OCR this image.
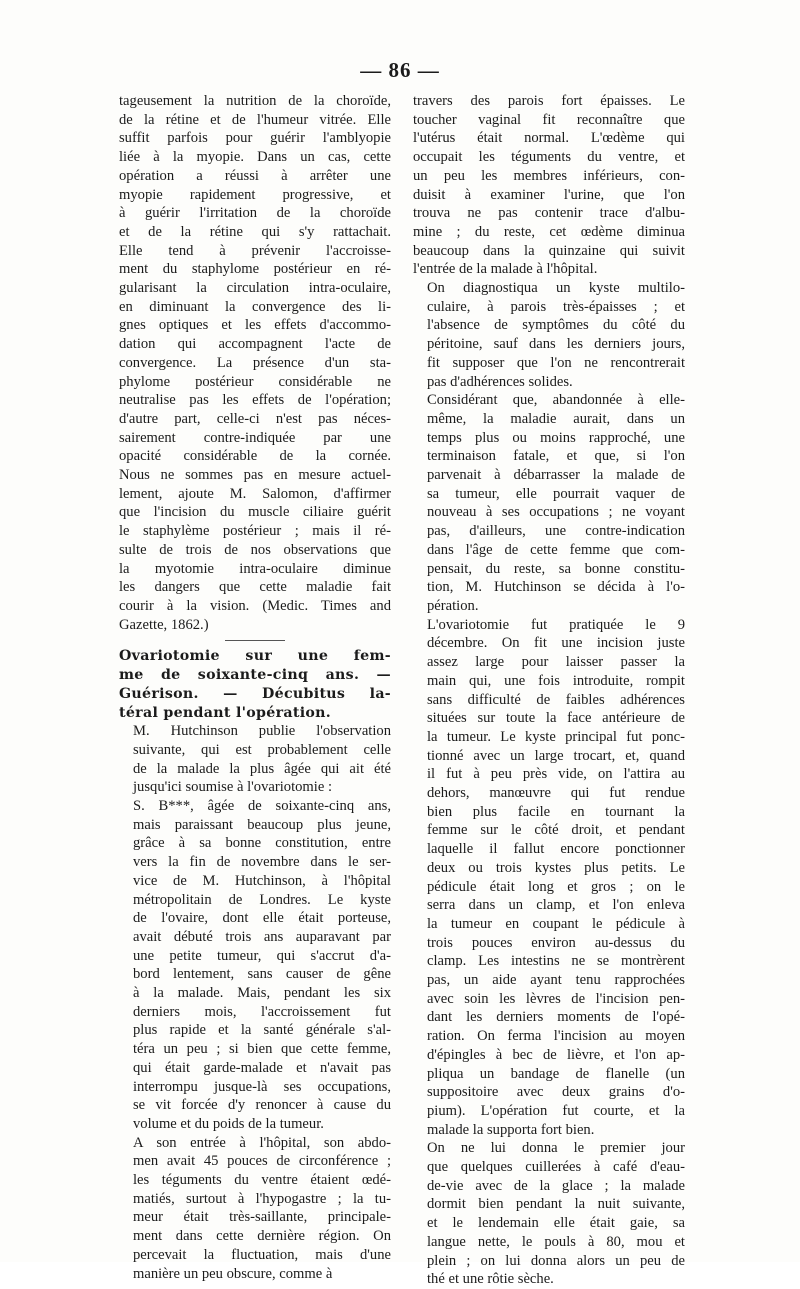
— 86 —

tageusement la nutrition de la choroïde,
de la rétine et de l'humeur vitrée. Elle
suffit parfois pour guérir l'amblyopie
liée à la myopie. Dans un cas, cette
opération a réussi à arrêter une
myopie rapidement progressive, et
à guérir l'irritation de la choroïde
et de la rétine qui s'y rattachait.
Elle tend à prévenir l'accroisse-
ment du staphylome postérieur en ré-
gularisant la circulation intra-oculaire,
en diminuant la convergence des li-
gnes optiques et les effets d'accommo-
dation qui accompagnent l'acte de
convergence. La présence d'un sta-
phylome postérieur considérable ne
neutralise pas les effets de l'opération;
d'autre part, celle-ci n'est pas néces-
sairement contre-indiquée par une
opacité considérable de la cornée.
Nous ne sommes pas en mesure actuel-
lement, ajoute M. Salomon, d'affirmer
que l'incision du muscle ciliaire guérit
le staphylème postérieur ; mais il ré-
sulte de trois de nos observations que
la myotomie intra-oculaire diminue
les dangers que cette maladie fait
courir à la vision. (Medic. Times and
Gazette, 1862.)

Ovariotomie sur une fem-
me de soixante-cinq ans. —
Guérison. — Décubitus la-
téral pendant l'opération.

M. Hutchinson publie l'observation
suivante, qui est probablement celle
de la malade la plus âgée qui ait été
jusqu'ici soumise à l'ovariotomie :

S. B***, âgée de soixante-cinq ans,
mais paraissant beaucoup plus jeune,
grâce à sa bonne constitution, entre
vers la fin de novembre dans le ser-
vice de M. Hutchinson, à l'hôpital
métropolitain de Londres. Le kyste
de l'ovaire, dont elle était porteuse,
avait débuté trois ans auparavant par
une petite tumeur, qui s'accrut d'a-
bord lentement, sans causer de gêne
à la malade. Mais, pendant les six
derniers mois, l'accroissement fut
plus rapide et la santé générale s'al-
téra un peu ; si bien que cette femme,
qui était garde-malade et n'avait pas
interrompu jusque-là ses occupations,
se vit forcée d'y renoncer à cause du
volume et du poids de la tumeur.

A son entrée à l'hôpital, son abdo-
men avait 45 pouces de circonférence ;
les téguments du ventre étaient œdé-
matiés, surtout à l'hypogastre ; la tu-
meur était très-saillante, principale-
ment dans cette dernière région. On
percevait la fluctuation, mais d'une
manière un peu obscure, comme à

travers des parois fort épaisses. Le
toucher vaginal fit reconnaître que
l'utérus était normal. L'œdème qui
occupait les téguments du ventre, et
un peu les membres inférieurs, con-
duisit à examiner l'urine, que l'on
trouva ne pas contenir trace d'albu-
mine ; du reste, cet œdème diminua
beaucoup dans la quinzaine qui suivit
l'entrée de la malade à l'hôpital.

On diagnostiqua un kyste multilo-
culaire, à parois très-épaisses ; et
l'absence de symptômes du côté du
péritoine, sauf dans les derniers jours,
fit supposer que l'on ne rencontrerait
pas d'adhérences solides.

Considérant que, abandonnée à elle-
même, la maladie aurait, dans un
temps plus ou moins rapproché, une
terminaison fatale, et que, si l'on
parvenait à débarrasser la malade de
sa tumeur, elle pourrait vaquer de
nouveau à ses occupations ; ne voyant
pas, d'ailleurs, une contre-indication
dans l'âge de cette femme que com-
pensait, du reste, sa bonne constitu-
tion, M. Hutchinson se décida à l'o-
pération.

L'ovariotomie fut pratiquée le 9
décembre. On fit une incision juste
assez large pour laisser passer la
main qui, une fois introduite, rompit
sans difficulté de faibles adhérences
situées sur toute la face antérieure de
la tumeur. Le kyste principal fut ponc-
tionné avec un large trocart, et, quand
il fut à peu près vide, on l'attira au
dehors, manœuvre qui fut rendue
bien plus facile en tournant la
femme sur le côté droit, et pendant
laquelle il fallut encore ponctionner
deux ou trois kystes plus petits. Le
pédicule était long et gros ; on le
serra dans un clamp, et l'on enleva
la tumeur en coupant le pédicule à
trois pouces environ au-dessus du
clamp. Les intestins ne se montrèrent
pas, un aide ayant tenu rapprochées
avec soin les lèvres de l'incision pen-
dant les derniers moments de l'opé-
ration. On ferma l'incision au moyen
d'épingles à bec de lièvre, et l'on ap-
pliqua un bandage de flanelle (un
suppositoire avec deux grains d'o-
pium). L'opération fut courte, et la
malade la supporta fort bien.

On ne lui donna le premier jour
que quelques cuillerées à café d'eau-
de-vie avec de la glace ; la malade
dormit bien pendant la nuit suivante,
et le lendemain elle était gaie, sa
langue nette, le pouls à 80, mou et
plein ; on lui donna alors un peu de
thé et une rôtie sèche.
